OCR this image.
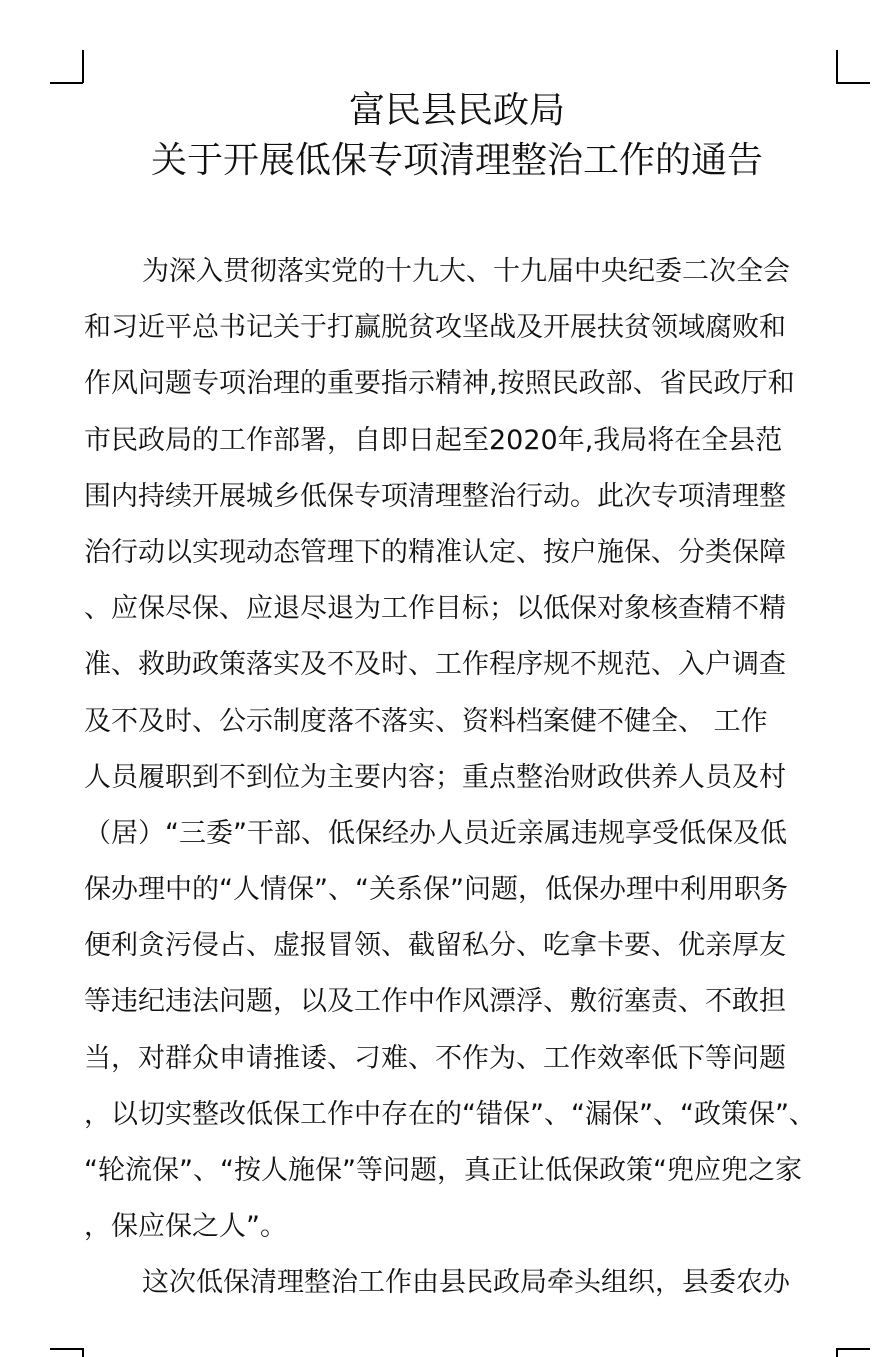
富民县民政局
关于开展低保专项清理整治工作的通告
为深入贯彻落实党的十九大、十九届中央纪委二次全会
和习近平总书记关于打赢脱贫攻坚战及开展扶贫领域腐败和
作风问题专项治理的重要指示精神,按照民政部、省民政厅和
市民政局的工作部署，自即日起至2020年,我局将在全县范
围内持续开展城乡低保专项清理整治行动。此次专项清理整
治行动以实现动态管理下的精准认定、按户施保、分类保障
、应保尽保、应退尽退为工作目标；以低保对象核查精不精
准、救助政策落实及不及时、工作程序规不规范、入户调查
及不及时、公示制度落不落实、资料档案健不健全、 工作
人员履职到不到位为主要内容；重点整治财政供养人员及村
（居）“三委”干部、低保经办人员近亲属违规享受低保及低
保办理中的“人情保”、“关系保”问题，低保办理中利用职务
便利贪污侵占、虚报冒领、截留私分、吃拿卡要、优亲厚友
等违纪违法问题，以及工作中作风漂浮、敷衍塞责、不敢担
当，对群众申请推诿、刁难、不作为、工作效率低下等问题
，以切实整改低保工作中存在的“错保”、“漏保”、“政策保”、
“轮流保”、“按人施保”等问题，真正让低保政策“兜应兜之家
，保应保之人”。
这次低保清理整治工作由县民政局牵头组织，县委农办
